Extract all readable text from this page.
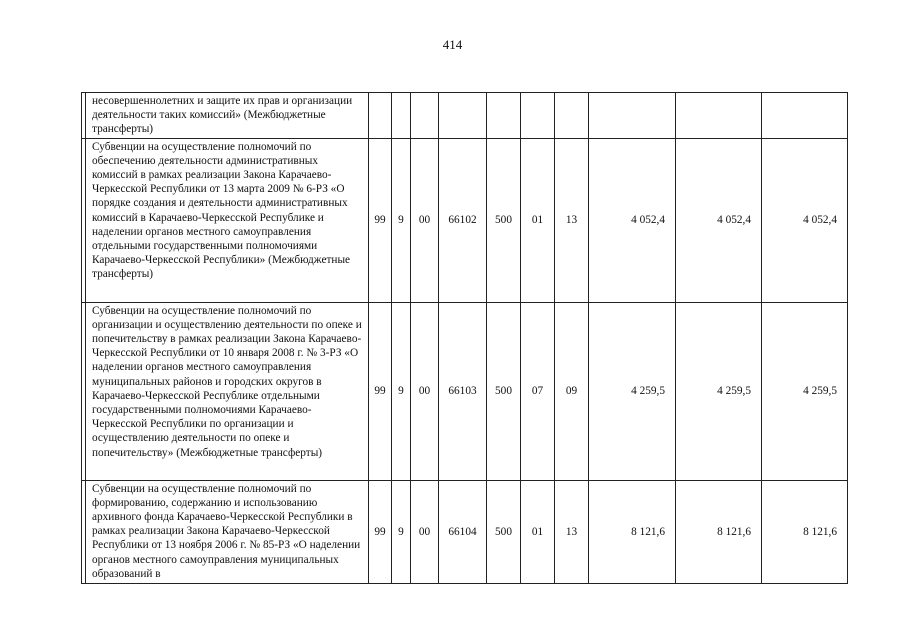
414
	несовершеннолетних и защите их прав и организации деятельности таких комиссий» (Межбюджетные трансферты)										
	Субвенции на осуществление полномочий по обеспечению деятельности административных комиссий в рамках реализации Закона Карачаево-Черкесской Республики от 13 марта 2009 № 6-РЗ «О порядке создания и деятельности административных комиссий в Карачаево-Черкесской Республике и наделении органов местного самоуправления отдельными государственными полномочиями Карачаево-Черкесской Республики» (Межбюджетные трансферты)	99	9	00	66102	500	01	13	4 052,4	4 052,4	4 052,4
	Субвенции на осуществление полномочий по организации и осуществлению деятельности по опеке и попечительству в рамках реализации Закона Карачаево-Черкесской Республики от 10 января 2008 г. № 3-РЗ «О наделении органов местного самоуправления муниципальных районов и городских округов в Карачаево-Черкесской Республике отдельными государственными полномочиями Карачаево-Черкесской Республики по организации и осуществлению деятельности по опеке и попечительству» (Межбюджетные трансферты)	99	9	00	66103	500	07	09	4 259,5	4 259,5	4 259,5
	Субвенции на осуществление полномочий по формированию, содержанию и использованию архивного фонда Карачаево-Черкесской Республики в рамках реализации Закона Карачаево-Черкесской Республики от 13 ноября 2006 г. № 85-РЗ «О наделении органов местного самоуправления муниципальных образований в	99	9	00	66104	500	01	13	8 121,6	8 121,6	8 121,6
